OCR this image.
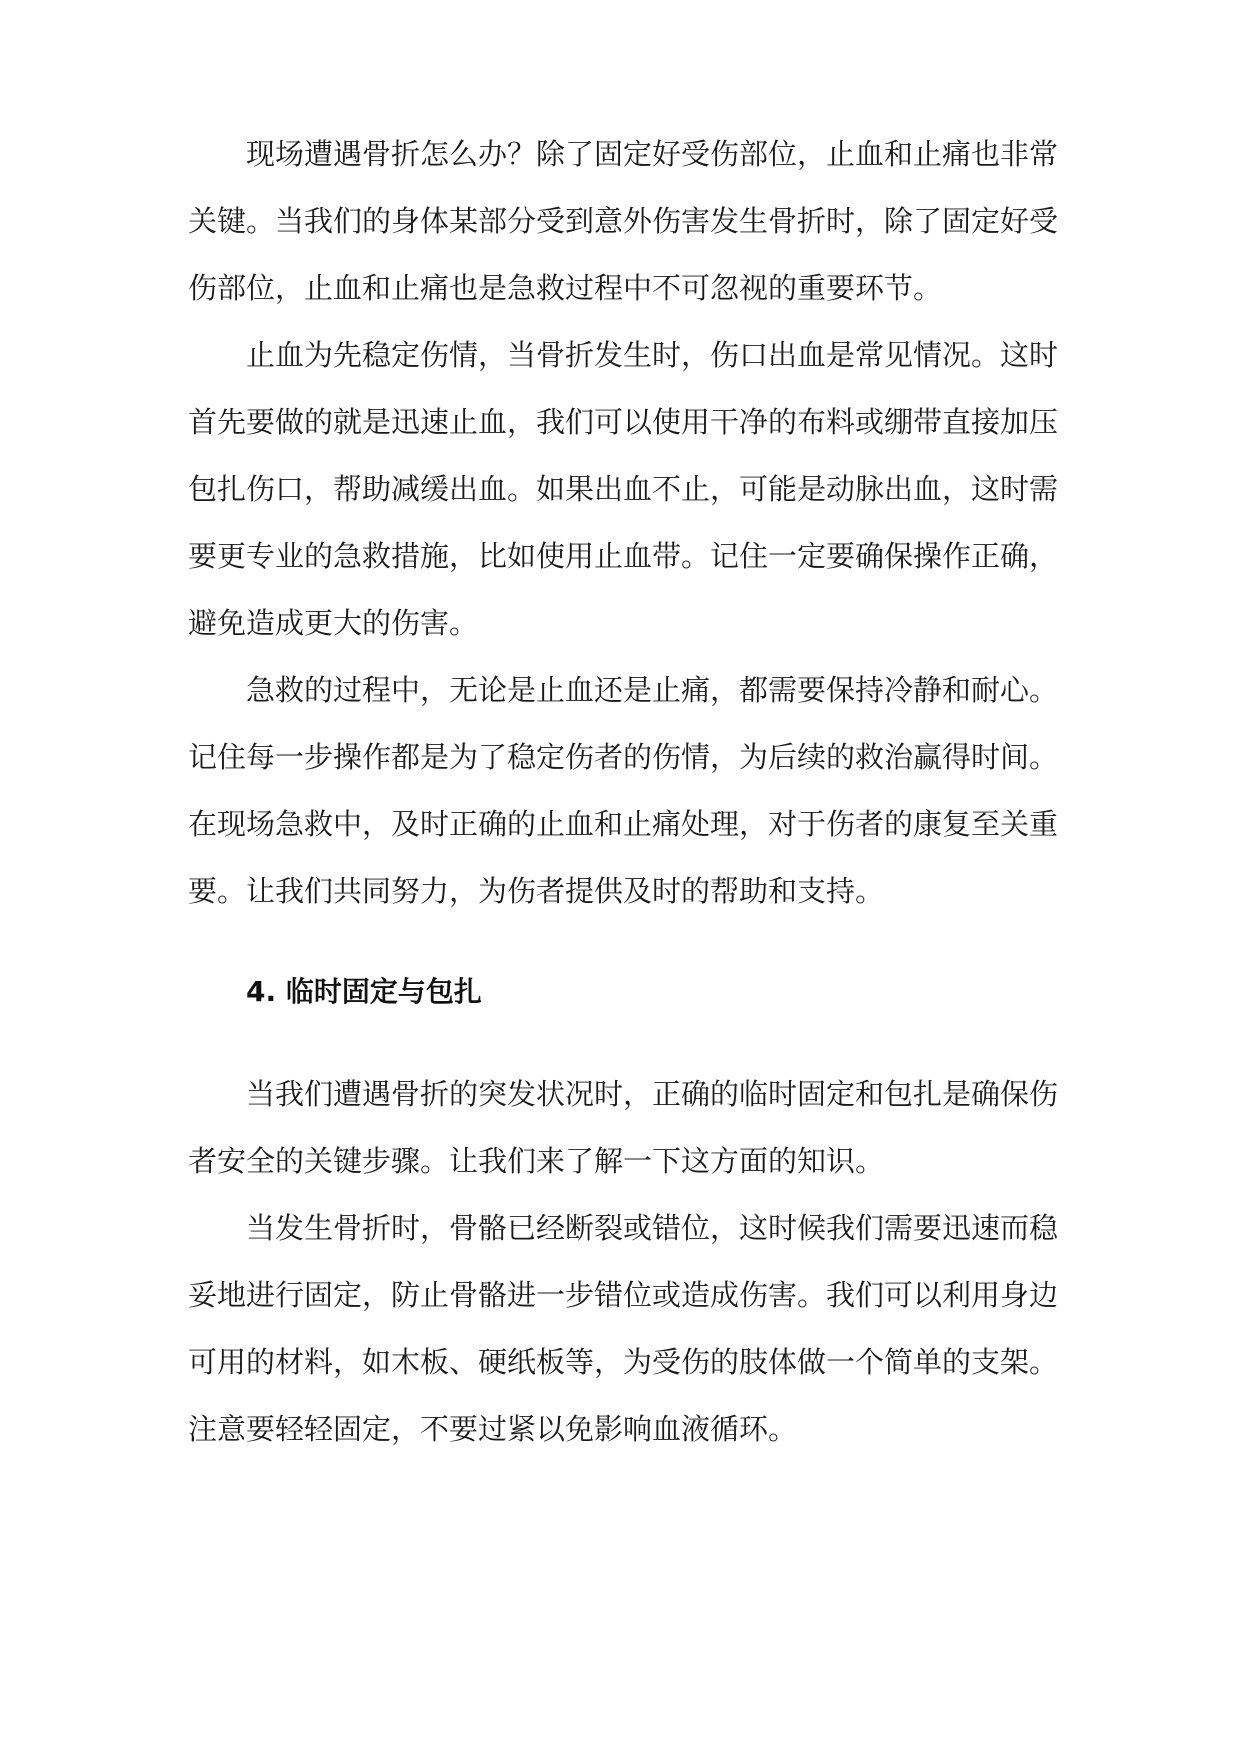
现场遭遇骨折怎么办？除了固定好受伤部位，止血和止痛也非常

关键。当我们的身体某部分受到意外伤害发生骨折时，除了固定好受

伤部位，止血和止痛也是急救过程中不可忽视的重要环节。

止血为先稳定伤情，当骨折发生时，伤口出血是常见情况。这时

首先要做的就是迅速止血，我们可以使用干净的布料或绷带直接加压

包扎伤口，帮助减缓出血。如果出血不止，可能是动脉出血，这时需

要更专业的急救措施，比如使用止血带。记住一定要确保操作正确，

避免造成更大的伤害。

急救的过程中，无论是止血还是止痛，都需要保持冷静和耐心。

记住每一步操作都是为了稳定伤者的伤情，为后续的救治赢得时间。

在现场急救中，及时正确的止血和止痛处理，对于伤者的康复至关重

要。让我们共同努力，为伤者提供及时的帮助和支持。

4. 临时固定与包扎

当我们遭遇骨折的突发状况时，正确的临时固定和包扎是确保伤

者安全的关键步骤。让我们来了解一下这方面的知识。

当发生骨折时，骨骼已经断裂或错位，这时候我们需要迅速而稳

妥地进行固定，防止骨骼进一步错位或造成伤害。我们可以利用身边

可用的材料，如木板、硬纸板等，为受伤的肢体做一个简单的支架。

注意要轻轻固定，不要过紧以免影响血液循环。
